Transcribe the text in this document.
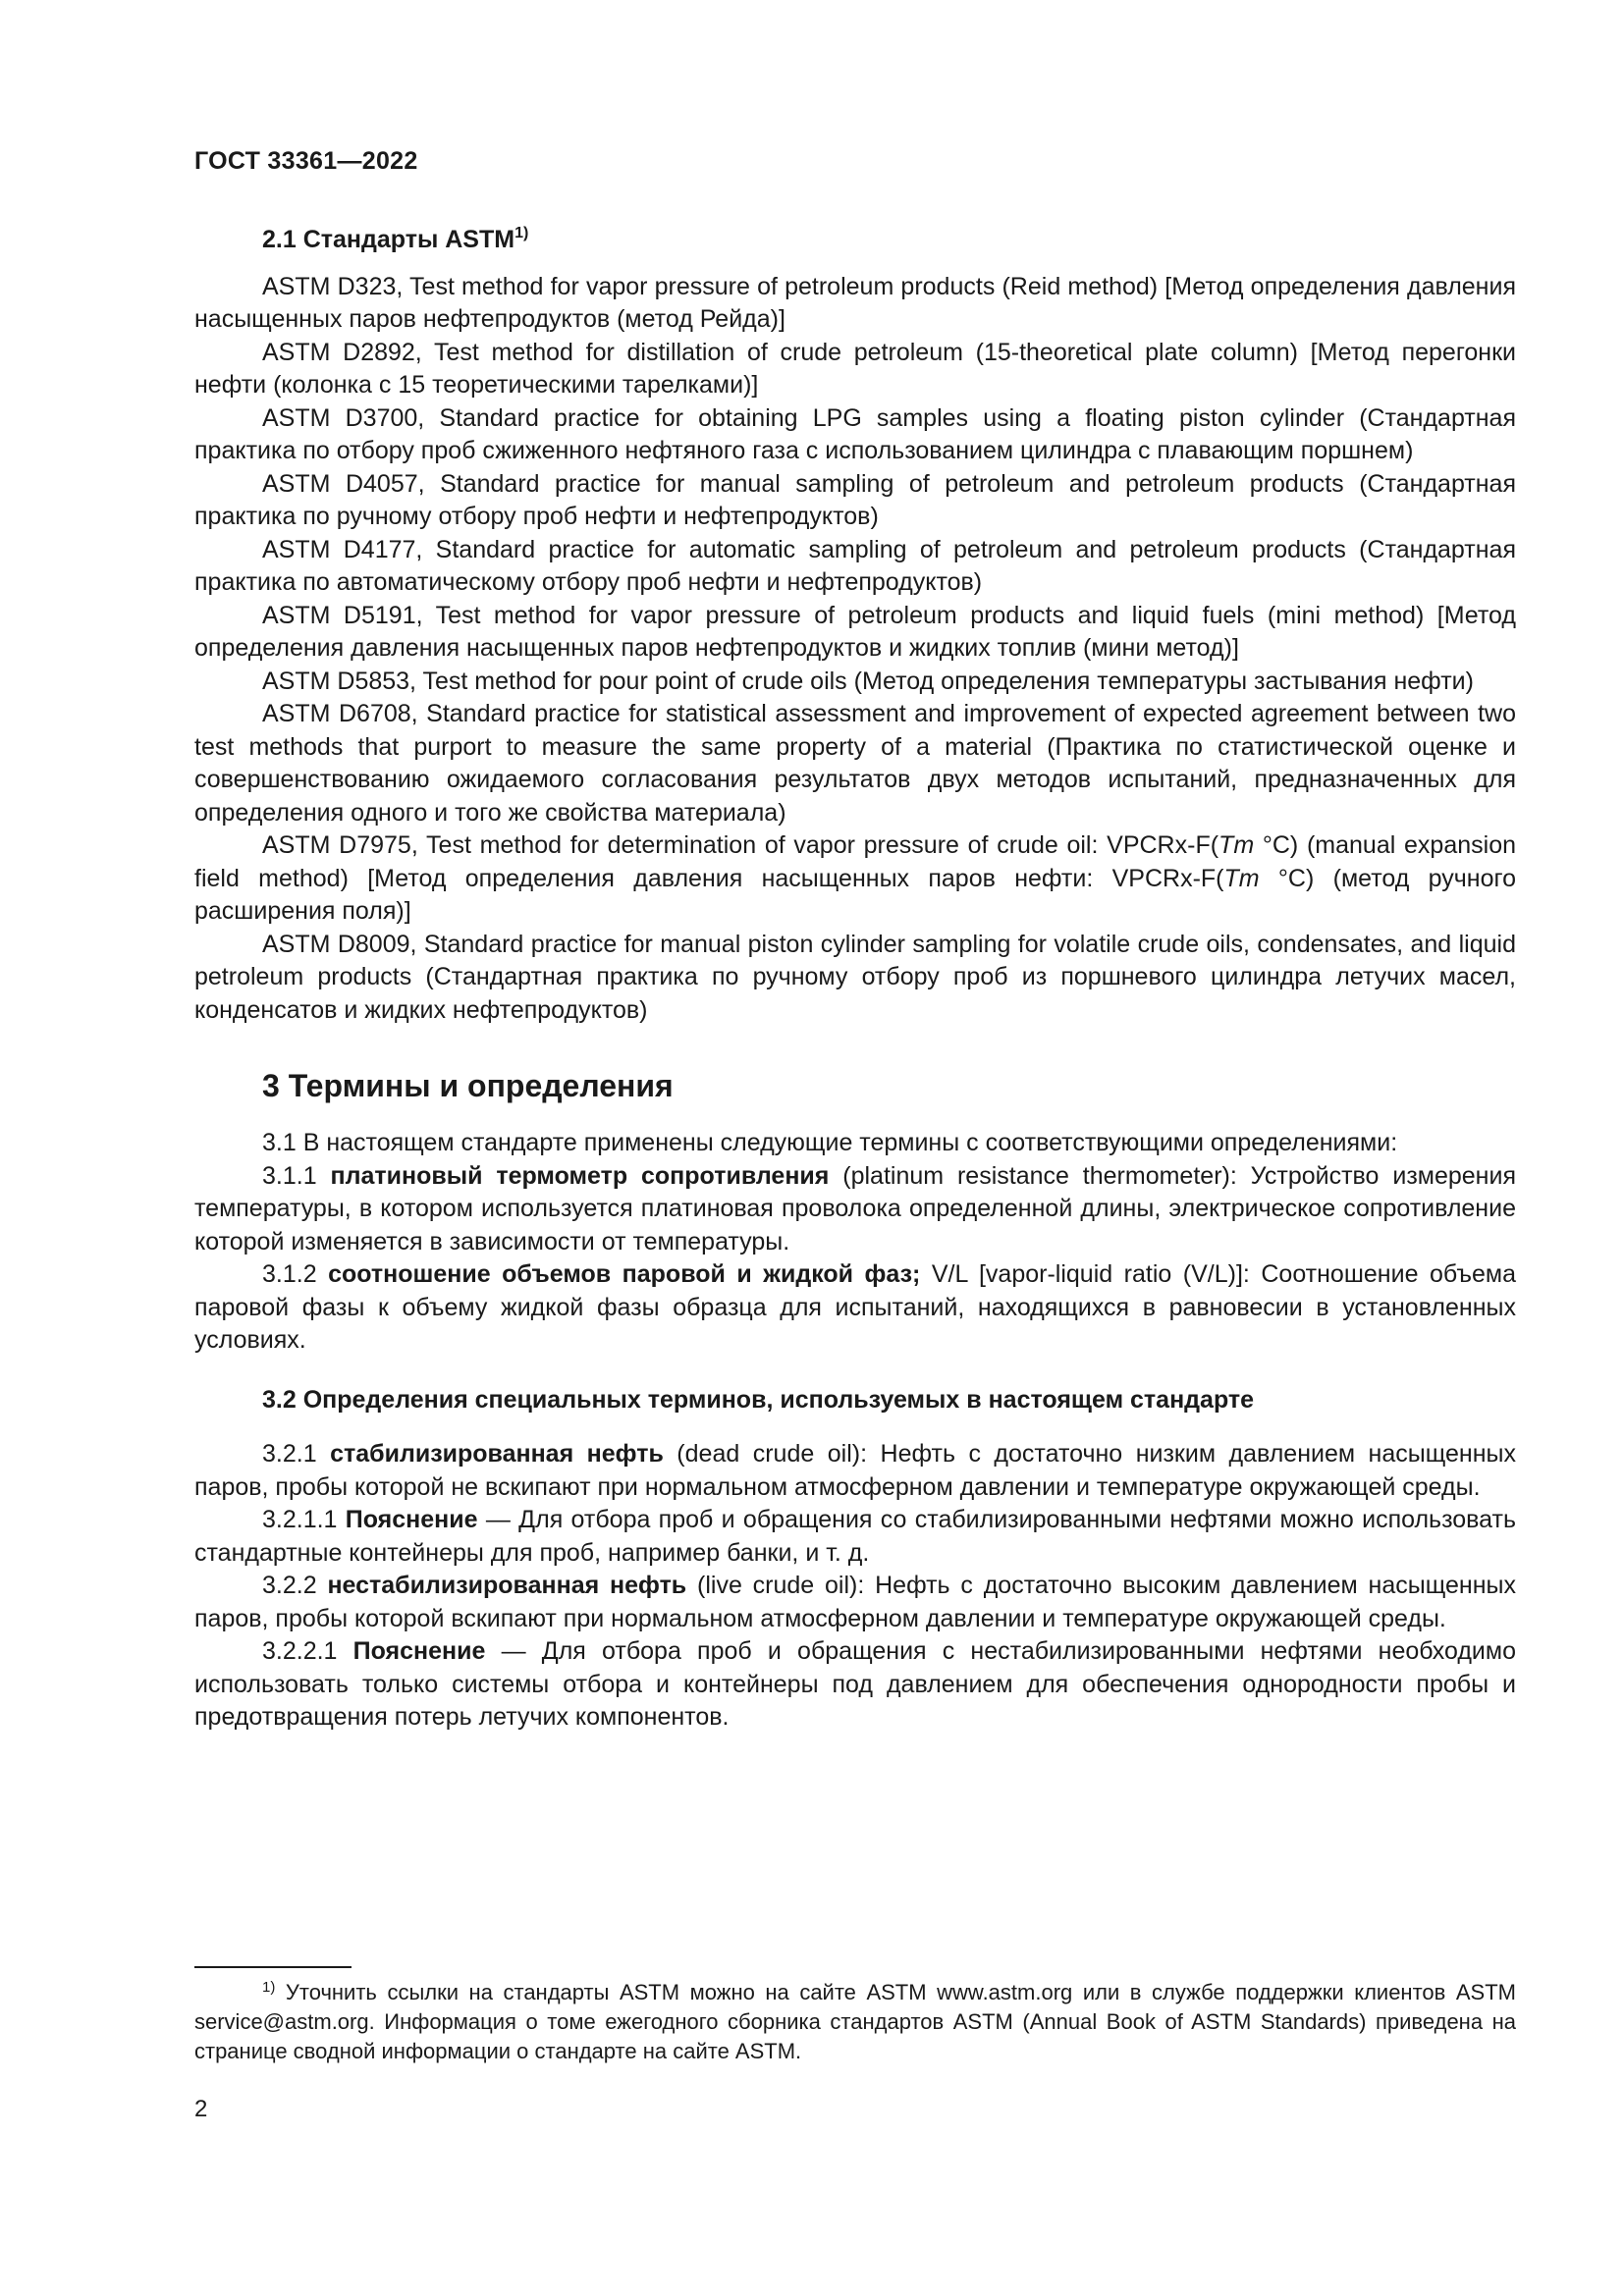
ГОСТ 33361—2022

2.1 Стандарты ASTM$^{1)}$

ASTM D323, Test method for vapor pressure of petroleum products (Reid method) [Метод определения давления насыщенных паров нефтепродуктов (метод Рейда)]

ASTM D2892, Test method for distillation of crude petroleum (15-theoretical plate column) [Метод перегонки нефти (колонка с 15 теоретическими тарелками)]

ASTM D3700, Standard practice for obtaining LPG samples using a floating piston cylinder (Стандартная практика по отбору проб сжиженного нефтяного газа с использованием цилиндра с плавающим поршнем)

ASTM D4057, Standard practice for manual sampling of petroleum and petroleum products (Стандартная практика по ручному отбору проб нефти и нефтепродуктов)

ASTM D4177, Standard practice for automatic sampling of petroleum and petroleum products (Стандартная практика по автоматическому отбору проб нефти и нефтепродуктов)

ASTM D5191, Test method for vapor pressure of petroleum products and liquid fuels (mini method) [Метод определения давления насыщенных паров нефтепродуктов и жидких топлив (мини метод)]

ASTM D5853, Test method for pour point of crude oils (Метод определения температуры застывания нефти)

ASTM D6708, Standard practice for statistical assessment and improvement of expected agreement between two test methods that purport to measure the same property of a material (Практика по статистической оценке и совершенствованию ожидаемого согласования результатов двух методов испытаний, предназначенных для определения одного и того же свойства материала)

ASTM D7975, Test method for determination of vapor pressure of crude oil: VPCRx-F(Tm °C) (manual expansion field method) [Метод определения давления насыщенных паров нефти: VPCRx-F(Tm °C) (метод ручного расширения поля)]

ASTM D8009, Standard practice for manual piston cylinder sampling for volatile crude oils, condensates, and liquid petroleum products (Стандартная практика по ручному отбору проб из поршневого цилиндра летучих масел, конденсатов и жидких нефтепродуктов)

3 Термины и определения

3.1 В настоящем стандарте применены следующие термины с соответствующими определениями:

3.1.1 платиновый термометр сопротивления (platinum resistance thermometer): Устройство измерения температуры, в котором используется платиновая проволока определенной длины, электрическое сопротивление которой изменяется в зависимости от температуры.

3.1.2 соотношение объемов паровой и жидкой фаз; V/L [vapor-liquid ratio (V/L)]: Соотношение объема паровой фазы к объему жидкой фазы образца для испытаний, находящихся в равновесии в установленных условиях.

3.2 Определения специальных терминов, используемых в настоящем стандарте

3.2.1 стабилизированная нефть (dead crude oil): Нефть с достаточно низким давлением насыщенных паров, пробы которой не вскипают при нормальном атмосферном давлении и температуре окружающей среды.

3.2.1.1 Пояснение — Для отбора проб и обращения со стабилизированными нефтями можно использовать стандартные контейнеры для проб, например банки, и т. д.

3.2.2 нестабилизированная нефть (live crude oil): Нефть с достаточно высоким давлением насыщенных паров, пробы которой вскипают при нормальном атмосферном давлении и температуре окружающей среды.

3.2.2.1 Пояснение — Для отбора проб и обращения с нестабилизированными нефтями необходимо использовать только системы отбора и контейнеры под давлением для обеспечения однородности пробы и предотвращения потерь летучих компонентов.

$^{1)}$ Уточнить ссылки на стандарты ASTM можно на сайте ASTM www.astm.org или в службе поддержки клиентов ASTM service@astm.org. Информация о томе ежегодного сборника стандартов ASTM (Annual Book of ASTM Standards) приведена на странице сводной информации о стандарте на сайте ASTM.

2
